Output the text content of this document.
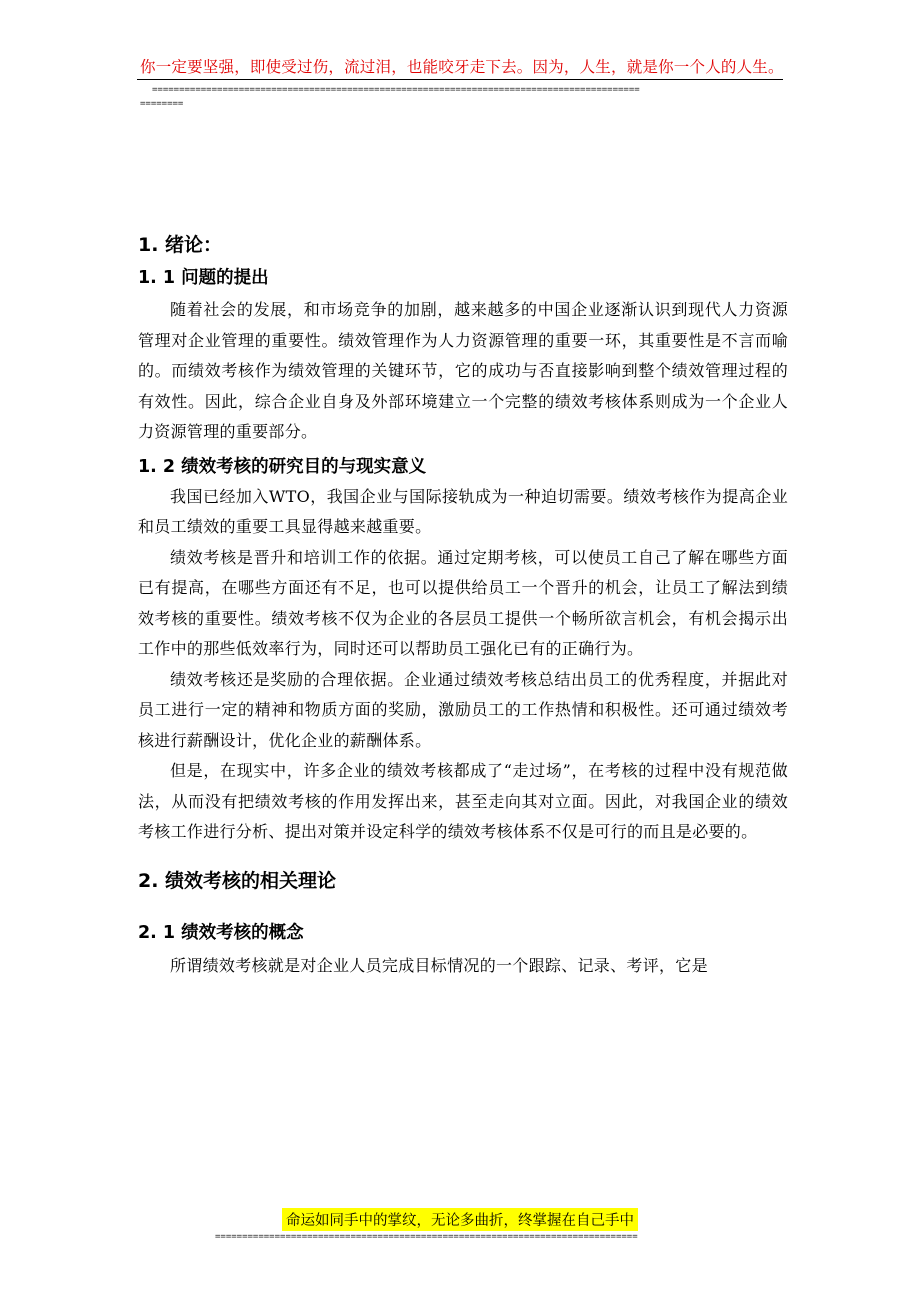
你一定要坚强，即使受过伤，流过泪，也能咬牙走下去。因为，人生，就是你一个人的人生。
==========================================================================================
========
1. 绪论：
1. 1 问题的提出

随着社会的发展，和市场竞争的加剧，越来越多的中国企业逐渐认识到现代人力资源管理对企业管理的重要性。绩效管理作为人力资源管理的重要一环，其重要性是不言而喻的。而绩效考核作为绩效管理的关键环节，它的成功与否直接影响到整个绩效管理过程的有效性。因此，综合企业自身及外部环境建立一个完整的绩效考核体系则成为一个企业人力资源管理的重要部分。

1. 2 绩效考核的研究目的与现实意义

我国已经加入WTO，我国企业与国际接轨成为一种迫切需要。绩效考核作为提高企业和员工绩效的重要工具显得越来越重要。

绩效考核是晋升和培训工作的依据。通过定期考核，可以使员工自己了解在哪些方面已有提高，在哪些方面还有不足，也可以提供给员工一个晋升的机会，让员工了解法到绩效考核的重要性。绩效考核不仅为企业的各层员工提供一个畅所欲言机会，有机会揭示出工作中的那些低效率行为，同时还可以帮助员工强化已有的正确行为。

绩效考核还是奖励的合理依据。企业通过绩效考核总结出员工的优秀程度，并据此对员工进行一定的精神和物质方面的奖励，激励员工的工作热情和积极性。还可通过绩效考核进行薪酬设计，优化企业的薪酬体系。

但是，在现实中，许多企业的绩效考核都成了“走过场”，在考核的过程中没有规范做法，从而没有把绩效考核的作用发挥出来，甚至走向其对立面。因此，对我国企业的绩效考核工作进行分析、提出对策并设定科学的绩效考核体系不仅是可行的而且是必要的。

2. 绩效考核的相关理论
2. 1 绩效考核的概念

所谓绩效考核就是对企业人员完成目标情况的一个跟踪、记录、考评，它是

命运如同手中的掌纹，无论多曲折，终掌握在自己手中
==============================================================================
